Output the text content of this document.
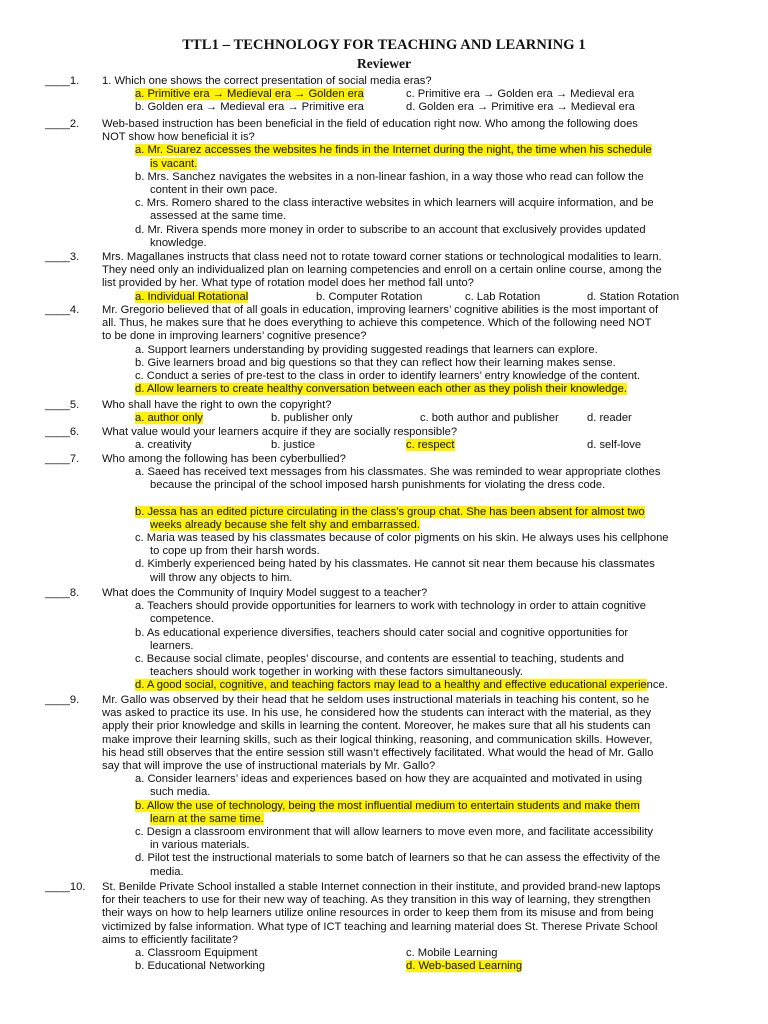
TTL1 – TECHNOLOGY FOR TEACHING AND LEARNING 1
Reviewer
____1. 1. Which one shows the correct presentation of social media eras?
a. Primitive era → Medieval era → Golden era	c. Primitive era → Golden era → Medieval era
b. Golden era → Medieval era → Primitive era	d. Golden era → Primitive era → Medieval era
____2. Web-based instruction has been beneficial in the field of education right now. Who among the following does
NOT show how beneficial it is?
a. Mr. Suarez accesses the websites he finds in the Internet during the night, the time when his schedule
is vacant.
b. Mrs. Sanchez navigates the websites in a non-linear fashion, in a way those who read can follow the
content in their own pace.
c. Mrs. Romero shared to the class interactive websites in which learners will acquire information, and be
assessed at the same time.
d. Mr. Rivera spends more money in order to subscribe to an account that exclusively provides updated
knowledge.
____3. Mrs. Magallanes instructs that class need not to rotate toward corner stations or technological modalities to learn.
They need only an individualized plan on learning competencies and enroll on a certain online course, among the
list provided by her. What type of rotation model does her method fall unto?
a. Individual Rotational	b. Computer Rotation	c. Lab Rotation	d. Station Rotation
____4. Mr. Gregorio believed that of all goals in education, improving learners’ cognitive abilities is the most important of
all. Thus, he makes sure that he does everything to achieve this competence. Which of the following need NOT
to be done in improving learners’ cognitive presence?
a. Support learners understanding by providing suggested readings that learners can explore.
b. Give learners broad and big questions so that they can reflect how their learning makes sense.
c. Conduct a series of pre-test to the class in order to identify learners’ entry knowledge of the content.
d. Allow learners to create healthy conversation between each other as they polish their knowledge.
____5. Who shall have the right to own the copyright?
a. author only	b. publisher only	c. both author and publisher	d. reader
____6. What value would your learners acquire if they are socially responsible?
a. creativity	b. justice	c. respect	d. self-love
____7. Who among the following has been cyberbullied?
a. Saeed has received text messages from his classmates. She was reminded to wear appropriate clothes
because the principal of the school imposed harsh punishments for violating the dress code.
b. Jessa has an edited picture circulating in the class’s group chat. She has been absent for almost two
weeks already because she felt shy and embarrassed.
c. Maria was teased by his classmates because of color pigments on his skin. He always uses his cellphone
to cope up from their harsh words.
d. Kimberly experienced being hated by his classmates. He cannot sit near them because his classmates
will throw any objects to him.
____8. What does the Community of Inquiry Model suggest to a teacher?
a. Teachers should provide opportunities for learners to work with technology in order to attain cognitive
competence.
b. As educational experience diversifies, teachers should cater social and cognitive opportunities for
learners.
c. Because social climate, peoples’ discourse, and contents are essential to teaching, students and
teachers should work together in working with these factors simultaneously.
d. A good social, cognitive, and teaching factors may lead to a healthy and effective educational experience.
____9. Mr. Gallo was observed by their head that he seldom uses instructional materials in teaching his content, so he
was asked to practice its use. In his use, he considered how the students can interact with the material, as they
apply their prior knowledge and skills in learning the content. Moreover, he makes sure that all his students can
make improve their learning skills, such as their logical thinking, reasoning, and communication skills. However,
his head still observes that the entire session still wasn’t effectively facilitated. What would the head of Mr. Gallo
say that will improve the use of instructional materials by Mr. Gallo?
a. Consider learners’ ideas and experiences based on how they are acquainted and motivated in using
such media.
b. Allow the use of technology, being the most influential medium to entertain students and make them
learn at the same time.
c. Design a classroom environment that will allow learners to move even more, and facilitate accessibility
in various materials.
d. Pilot test the instructional materials to some batch of learners so that he can assess the effectivity of the
media.
____10. St. Benilde Private School installed a stable Internet connection in their institute, and provided brand-new laptops
for their teachers to use for their new way of teaching. As they transition in this way of learning, they strengthen
their ways on how to help learners utilize online resources in order to keep them from its misuse and from being
victimized by false information. What type of ICT teaching and learning material does St. Therese Private School
aims to efficiently facilitate?
a. Classroom Equipment	c. Mobile Learning
b. Educational Networking	d. Web-based Learning
